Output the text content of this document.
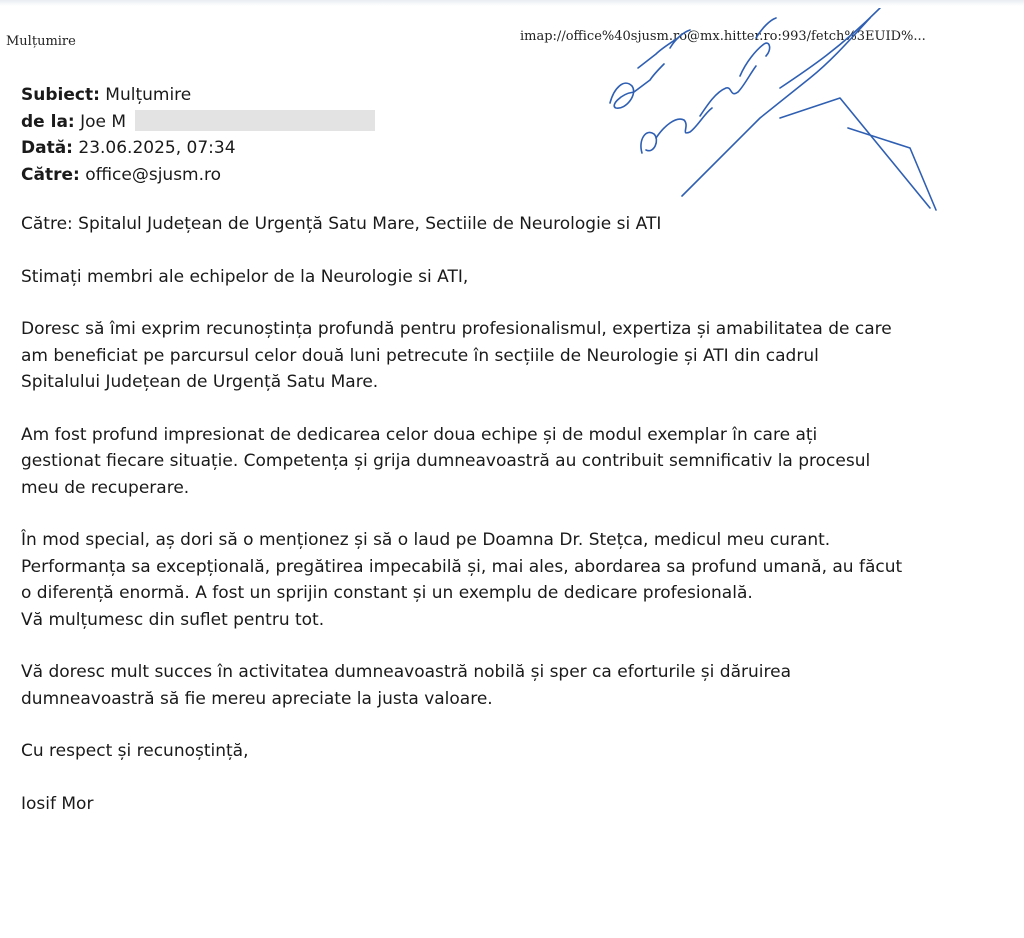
Mulțumire	imap://office%40sjusm.ro@mx.hitter.ro:993/fetch%3EUID%...
Subiect: Mulțumire
de la: Joe M
Dată: 23.06.2025, 07:34
Către: office@sjusm.ro

Către: Spitalul Județean de Urgență Satu Mare, Sectiile de Neurologie si ATI

Stimați membri ale echipelor de la Neurologie si ATI,

Doresc să îmi exprim recunoștința profundă pentru profesionalismul, expertiza și amabilitatea de care
am beneficiat pe parcursul celor două luni petrecute în secțiile de Neurologie și ATI din cadrul
Spitalului Județean de Urgență Satu Mare.

Am fost profund impresionat de dedicarea celor doua echipe și de modul exemplar în care ați
gestionat fiecare situație. Competența și grija dumneavoastră au contribuit semnificativ la procesul
meu de recuperare.

În mod special, aș dori să o menționez și să o laud pe Doamna Dr. Stețca, medicul meu curant.
Performanța sa excepțională, pregătirea impecabilă și, mai ales, abordarea sa profund umană, au făcut
o diferență enormă. A fost un sprijin constant și un exemplu de dedicare profesională.
Vă mulțumesc din suflet pentru tot.

Vă doresc mult succes în activitatea dumneavoastră nobilă și sper ca eforturile și dăruirea
dumneavoastră să fie mereu apreciate la justa valoare.

Cu respect și recunoștință,

Iosif Mor
